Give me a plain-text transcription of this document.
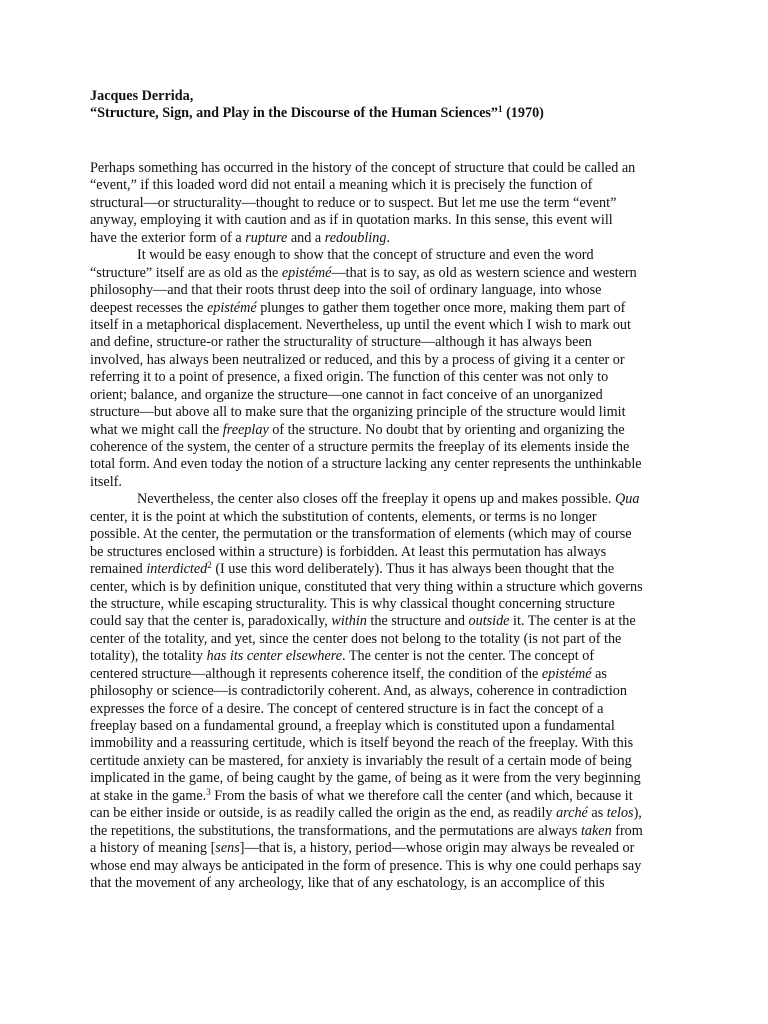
Jacques Derrida,
“Structure, Sign, and Play in the Discourse of the Human Sciences”$^1$ (1970)
Perhaps something has occurred in the history of the concept of structure that could be called an
“event,” if this loaded word did not entail a meaning which it is precisely the function of
structural—or structurality—thought to reduce or to suspect. But let me use the term “event”
anyway, employing it with caution and as if in quotation marks. In this sense, this event will
have the exterior form of a rupture and a redoubling.
It would be easy enough to show that the concept of structure and even the word
“structure” itself are as old as the epistémé—that is to say, as old as western science and western
philosophy—and that their roots thrust deep into the soil of ordinary language, into whose
deepest recesses the epistémé plunges to gather them together once more, making them part of
itself in a metaphorical displacement. Nevertheless, up until the event which I wish to mark out
and define, structure-or rather the structurality of structure—although it has always been
involved, has always been neutralized or reduced, and this by a process of giving it a center or
referring it to a point of presence, a fixed origin. The function of this center was not only to
orient; balance, and organize the structure—one cannot in fact conceive of an unorganized
structure—but above all to make sure that the organizing principle of the structure would limit
what we might call the freeplay of the structure. No doubt that by orienting and organizing the
coherence of the system, the center of a structure permits the freeplay of its elements inside the
total form. And even today the notion of a structure lacking any center represents the unthinkable
itself.
Nevertheless, the center also closes off the freeplay it opens up and makes possible. Qua
center, it is the point at which the substitution of contents, elements, or terms is no longer
possible. At the center, the permutation or the transformation of elements (which may of course
be structures enclosed within a structure) is forbidden. At least this permutation has always
remained interdicted$^2$ (I use this word deliberately). Thus it has always been thought that the
center, which is by definition unique, constituted that very thing within a structure which governs
the structure, while escaping structurality. This is why classical thought concerning structure
could say that the center is, paradoxically, within the structure and outside it. The center is at the
center of the totality, and yet, since the center does not belong to the totality (is not part of the
totality), the totality has its center elsewhere. The center is not the center. The concept of
centered structure—although it represents coherence itself, the condition of the epistémé as
philosophy or science—is contradictorily coherent. And, as always, coherence in contradiction
expresses the force of a desire. The concept of centered structure is in fact the concept of a
freeplay based on a fundamental ground, a freeplay which is constituted upon a fundamental
immobility and a reassuring certitude, which is itself beyond the reach of the freeplay. With this
certitude anxiety can be mastered, for anxiety is invariably the result of a certain mode of being
implicated in the game, of being caught by the game, of being as it were from the very beginning
at stake in the game.$^3$ From the basis of what we therefore call the center (and which, because it
can be either inside or outside, is as readily called the origin as the end, as readily arché as telos),
the repetitions, the substitutions, the transformations, and the permutations are always taken from
a history of meaning [sens]—that is, a history, period—whose origin may always be revealed or
whose end may always be anticipated in the form of presence. This is why one could perhaps say
that the movement of any archeology, like that of any eschatology, is an accomplice of this
